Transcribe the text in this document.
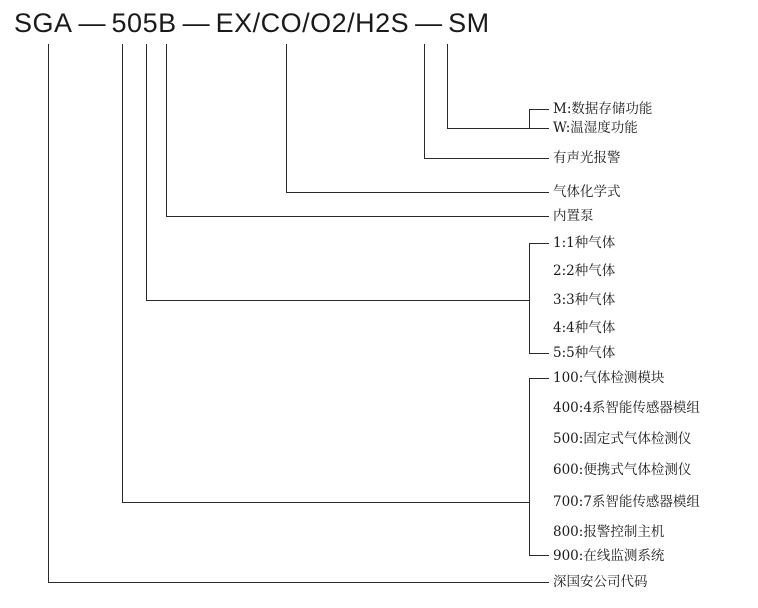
SGA — 505B — EX/CO/O2/H2S — SM
M:数据存储功能
W:温湿度功能
有声光报警
气体化学式
内置泵
1:1种气体
2:2种气体
3:3种气体
4:4种气体
5:5种气体
100:气体检测模块
400:4系智能传感器模组
500:固定式气体检测仪
600:便携式气体检测仪
700:7系智能传感器模组
800:报警控制主机
900:在线监测系统
深国安公司代码
